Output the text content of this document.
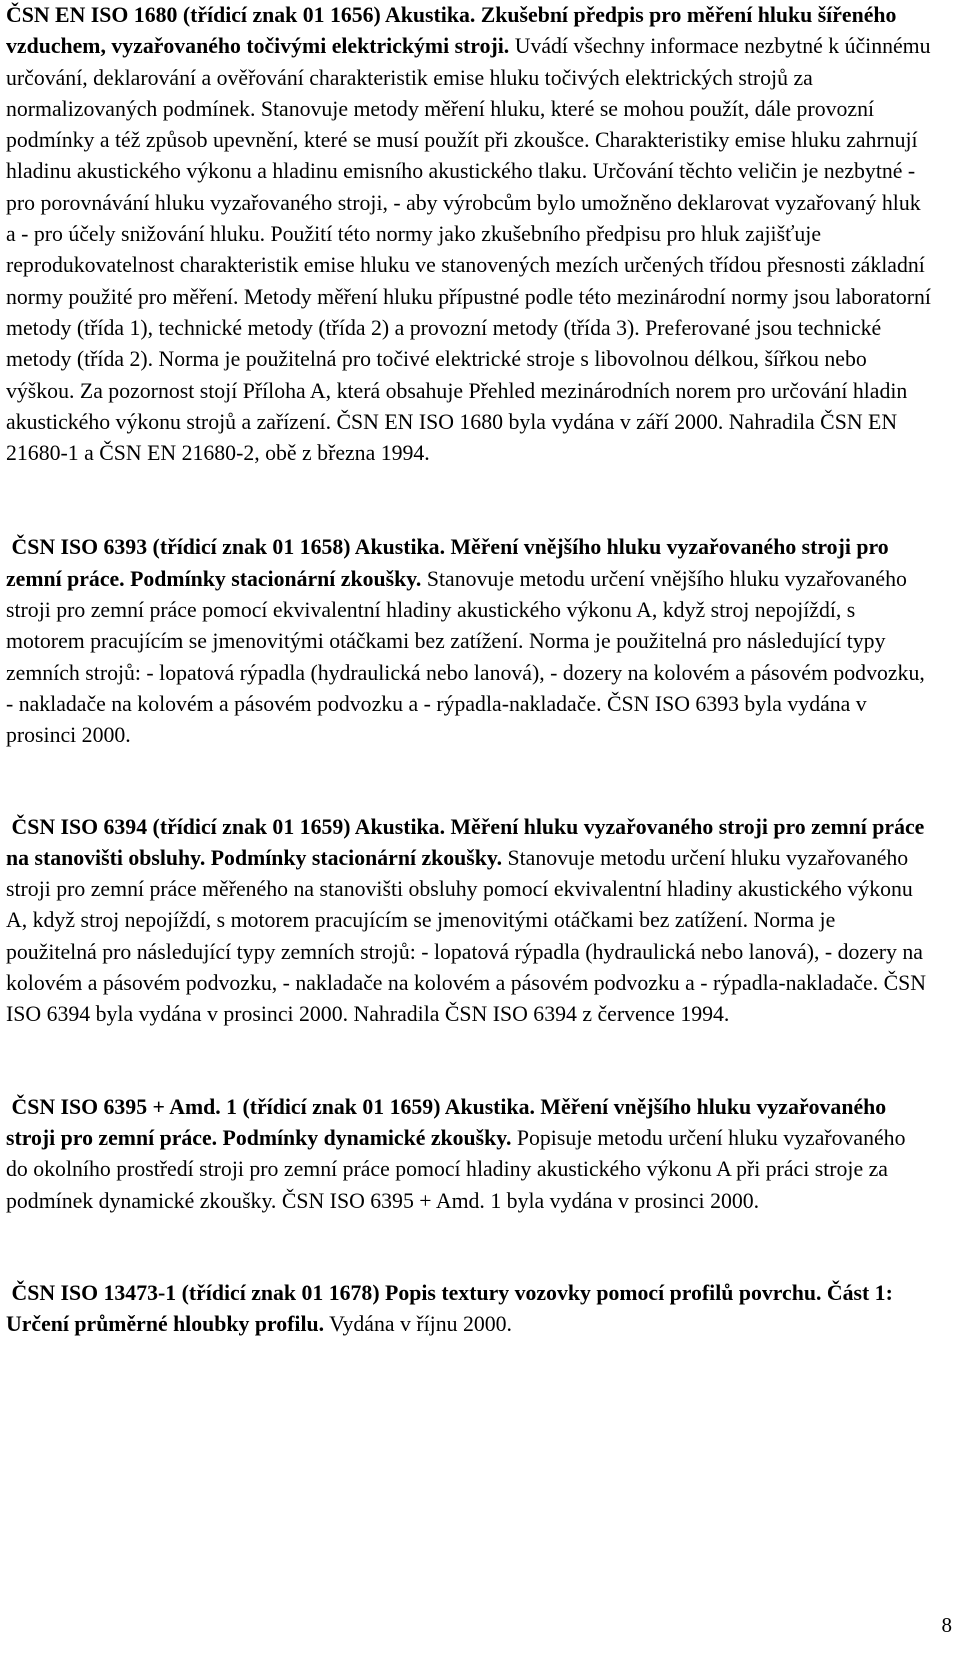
ČSN EN ISO 1680 (třídicí znak 01 1656) Akustika. Zkušební předpis pro měření hluku šířeného vzduchem, vyzařovaného točivými elektrickými stroji. Uvádí všechny informace nezbytné k účinnému určování, deklarování a ověřování charakteristik emise hluku točivých elektrických strojů za normalizovaných podmínek. Stanovuje metody měření hluku, které se mohou použít, dále provozní podmínky a též způsob upevnění, které se musí použít při zkoušce. Charakteristiky emise hluku zahrnují hladinu akustického výkonu a hladinu emisního akustického tlaku. Určování těchto veličin je nezbytné - pro porovnávání hluku vyzařovaného stroji, - aby výrobcům bylo umožněno deklarovat vyzařovaný hluk a - pro účely snižování hluku. Použití této normy jako zkušebního předpisu pro hluk zajišťuje reprodukovatelnost charakteristik emise hluku ve stanovených mezích určených třídou přesnosti základní normy použité pro měření. Metody měření hluku přípustné podle této mezinárodní normy jsou laboratorní metody (třída 1), technické metody (třída 2) a provozní metody (třída 3). Preferované jsou technické metody (třída 2). Norma je použitelná pro točivé elektrické stroje s libovolnou délkou, šířkou nebo výškou. Za pozornost stojí Příloha A, která obsahuje Přehled mezinárodních norem pro určování hladin akustického výkonu strojů a zařízení. ČSN EN ISO 1680 byla vydána v září 2000. Nahradila ČSN EN 21680-1 a ČSN EN 21680-2, obě z března 1994.

ČSN ISO 6393 (třídicí znak 01 1658) Akustika. Měření vnějšího hluku vyzařovaného stroji pro zemní práce. Podmínky stacionární zkoušky. Stanovuje metodu určení vnějšího hluku vyzařovaného stroji pro zemní práce pomocí ekvivalentní hladiny akustického výkonu A, když stroj nepojíždí, s motorem pracujícím se jmenovitými otáčkami bez zatížení. Norma je použitelná pro následující typy zemních strojů: - lopatová rýpadla (hydraulická nebo lanová), - dozery na kolovém a pásovém podvozku, - nakladače na kolovém a pásovém podvozku a - rýpadla-nakladače. ČSN ISO 6393 byla vydána v prosinci 2000.

ČSN ISO 6394 (třídicí znak 01 1659) Akustika. Měření hluku vyzařovaného stroji pro zemní práce na stanovišti obsluhy. Podmínky stacionární zkoušky. Stanovuje metodu určení hluku vyzařovaného stroji pro zemní práce měřeného na stanovišti obsluhy pomocí ekvivalentní hladiny akustického výkonu A, když stroj nepojíždí, s motorem pracujícím se jmenovitými otáčkami bez zatížení. Norma je použitelná pro následující typy zemních strojů: - lopatová rýpadla (hydraulická nebo lanová), - dozery na kolovém a pásovém podvozku, - nakladače na kolovém a pásovém podvozku a - rýpadla-nakladače. ČSN ISO 6394 byla vydána v prosinci 2000. Nahradila ČSN ISO 6394 z července 1994.

ČSN ISO 6395 + Amd. 1 (třídicí znak 01 1659) Akustika. Měření vnějšího hluku vyzařovaného stroji pro zemní práce. Podmínky dynamické zkoušky. Popisuje metodu určení hluku vyzařovaného do okolního prostředí stroji pro zemní práce pomocí hladiny akustického výkonu A při práci stroje za podmínek dynamické zkoušky. ČSN ISO 6395 + Amd. 1 byla vydána v prosinci 2000.

ČSN ISO 13473-1 (třídicí znak 01 1678) Popis textury vozovky pomocí profilů povrchu. Část 1: Určení průměrné hloubky profilu. Vydána v říjnu 2000.

8
